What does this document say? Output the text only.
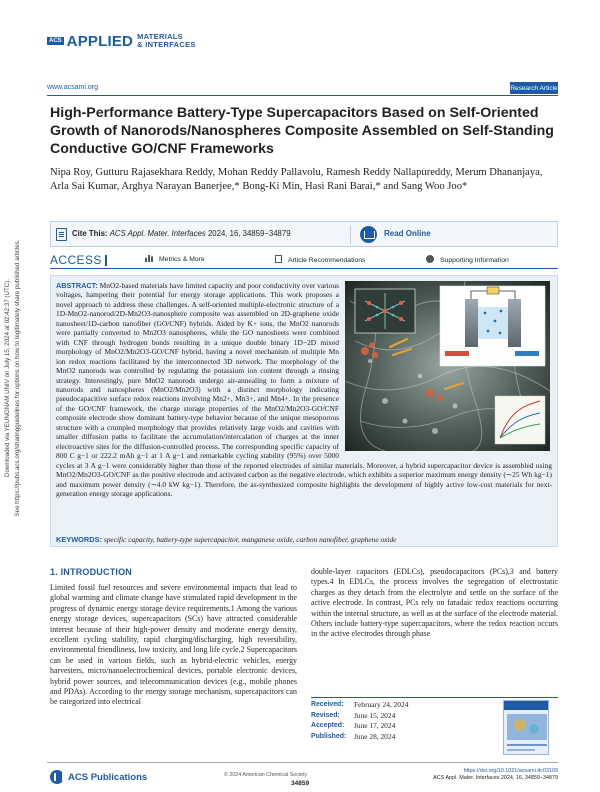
Downloaded via YEUNGNAM UNIV on July 15, 2024 at 02:42:37 (UTC). See https://pubs.acs.org/sharingguidelines for options on how to legitimately share published articles.
ACS APPLIED MATERIALS
& INTERFACES
www.acsami.org	Research Article
High-Performance Battery-Type Supercapacitors Based on Self-Oriented Growth of Nanorods/Nanospheres Composite Assembled on Self-Standing Conductive GO/CNF Frameworks
Nipa Roy, Gutturu Rajasekhara Reddy, Mohan Reddy Pallavolu, Ramesh Reddy Nallapureddy, Merum Dhananjaya, Arla Sai Kumar, Arghya Narayan Banerjee,* Bong-Ki Min, Hasi Rani Barai,* and Sang Woo Joo*
Cite This: ACS Appl. Mater. Interfaces 2024, 16, 34859−34879	Read Online
ACCESS	Metrics & More	Article Recommendations	Supporting Information
ABSTRACT: MnO2-based materials have limited capacity and poor conductivity over various voltages, hampering their potential for energy storage applications. This work proposes a novel approach to address these challenges. A self-oriented multiple-electronic structure of a 1D-MnO2-nanorod/2D-Mn2O3-nanosphere composite was assembled on 2D-graphene oxide nanosheet/1D-carbon nanofiber (GO/CNF) hybrids. Aided by K+ ions, the MnO2 nanorods were partially converted to Mn2O3 nanospheres, while the GO nanosheets were combined with CNF through hydrogen bonds resulting in a unique double binary 1D−2D mixed morphology of MnO2/Mn2O3-GO/CNF hybrid, having a novel mechanism of multiple Mn ion redox reactions facilitated by the interconnected 3D network. The morphology of the MnO2 nanorods was controlled by regulating the potassium ion content through a rinsing strategy. Interestingly, pure MnO2 nanorods undergo air-annealing to form a mixture of nanorods and nanospheres (MnO2/Mn2O3) with a distinct morphology indicating pseudocapacitive surface redox reactions involving Mn2+, Mn3+, and Mn4+. In the presence of the GO/CNF framework, the charge storage properties of the MnO2/Mn2O3-GO/CNF composite electrode show dominant battery-type behavior because of the unique mesoporous structure with a crumpled morphology that provides relatively large voids and cavities with smaller diffusion paths to facilitate the accumulation/intercalation of charges at the inner electroactive sites for the diffusion-controlled process. The corresponding specific capacity of 800 C g−1 or 222.2 mAh g−1 at 1 A g−1 and remarkable cycling stability (95%) over 5000 cycles at 3 A g−1 were considerably higher than those of the reported electrodes of similar materials. Moreover, a hybrid supercapacitor device is assembled using MnO2/Mn2O3-GO/CNF as the positive electrode and activated carbon as the negative electrode, which exhibits a superior maximum energy density (∼25 Wh kg−1) and maximum power density (∼4.0 kW kg−1). Therefore, the as-synthesized composite highlights the development of highly active low-cost materials for next-generation energy storage applications.
KEYWORDS: specific capacity, battery-type supercapacitor, manganese oxide, carbon nanofiber, graphene oxide
1. INTRODUCTION
Limited fossil fuel resources and severe environmental impacts that lead to global warming and climate change have stimulated rapid development in the progress of dynamic energy storage device requirements.1 Among the various energy storage devices, supercapacitors (SCs) have attracted considerable interest because of their high-power density and moderate energy density, excellent cycling stability, rapid charging/discharging, high reversibility, environmental friendliness, low toxicity, and long life cycle.2 Supercapacitors can be used in various fields, such as hybrid-electric vehicles, energy harvesters, micro/nanoelectrochemical devices, portable electronic devices, hybrid power sources, and telecommunication devices (e.g., mobile phones and PDAs). According to the energy storage mechanism, supercapacitors can be categorized into electrical
double-layer capacitors (EDLCs), pseudocapacitors (PCs),3 and battery types.4 In EDLCs, the process involves the segregation of electrostatic charges as they detach from the electrolyte and settle on the surface of the active electrode. In contrast, PCs rely on faradaic redox reactions occurring within the internal structure, as well as at the surface of the electrode material. Others include battery-type supercapacitors, where the redox reaction occurs in the active electrodes through phase
Received:	February 24, 2024
Revised:	June 15, 2024
Accepted:	June 17, 2024
Published:	June 28, 2024
ACS Publications	© 2024 American Chemical Society
34859
https://doi.org/10.1021/acsami.4c03109
ACS Appl. Mater. Interfaces 2024, 16, 34859−34879
